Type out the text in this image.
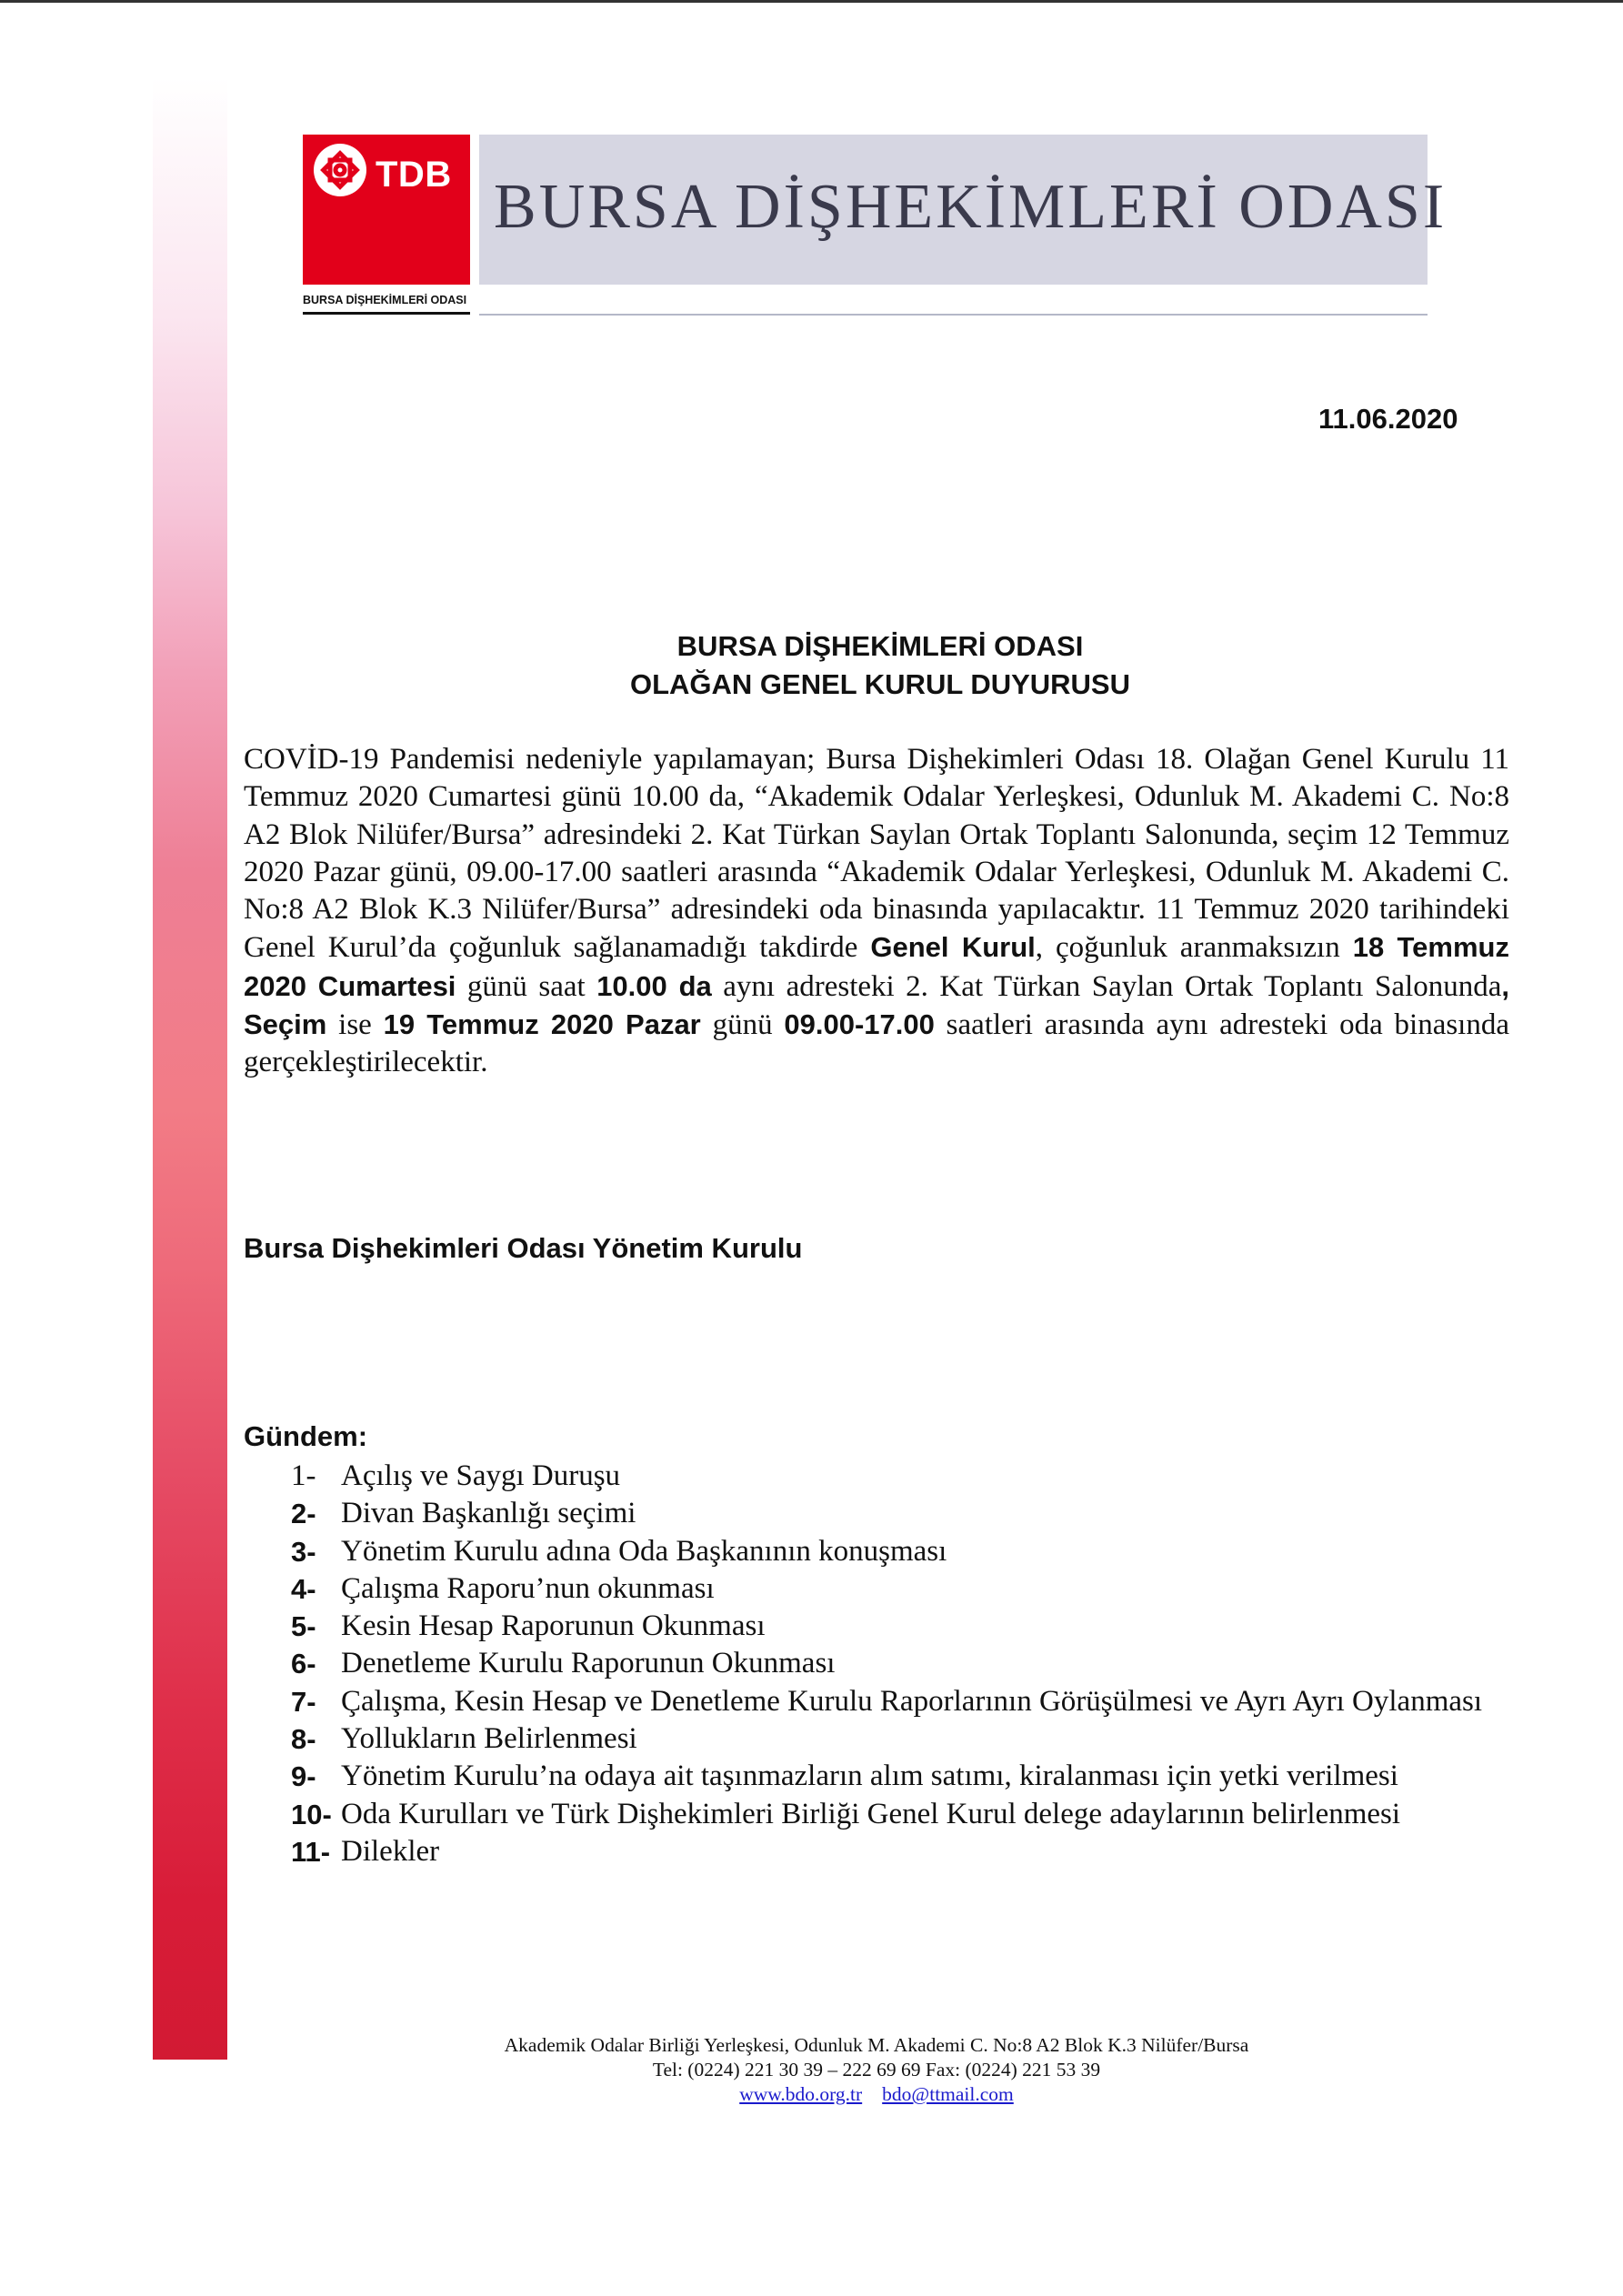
TDB
BURSA DİŞHEKİMLERİ ODASI
BURSA DİŞHEKİMLERİ ODASI
11.06.2020
BURSA DİŞHEKİMLERİ ODASI
OLAĞAN GENEL KURUL DUYURUSU
COVİD-19 Pandemisi nedeniyle yapılamayan; Bursa Dişhekimleri Odası 18. Olağan Genel Kurulu 11 Temmuz 2020 Cumartesi günü 10.00 da, “Akademik Odalar Yerleşkesi, Odunluk M. Akademi C. No:8 A2 Blok Nilüfer/Bursa” adresindeki 2. Kat Türkan Saylan Ortak Toplantı Salonunda, seçim 12 Temmuz 2020 Pazar günü, 09.00-17.00 saatleri arasında “Akademik Odalar Yerleşkesi, Odunluk M. Akademi C. No:8 A2 Blok K.3 Nilüfer/Bursa” adresindeki oda binasında yapılacaktır. 11 Temmuz 2020 tarihindeki Genel Kurul’da çoğunluk sağlanamadığı takdirde Genel Kurul, çoğunluk aranmaksızın 18 Temmuz 2020 Cumartesi günü saat 10.00 da aynı adresteki 2. Kat Türkan Saylan Ortak Toplantı Salonunda, Seçim ise 19 Temmuz 2020 Pazar günü 09.00-17.00 saatleri arasında aynı adresteki oda binasında gerçekleştirilecektir.
Bursa Dişhekimleri Odası Yönetim Kurulu
Gündem:
1- Açılış ve Saygı Duruşu
2- Divan Başkanlığı seçimi
3- Yönetim Kurulu adına Oda Başkanının konuşması
4- Çalışma Raporu’nun okunması
5- Kesin Hesap Raporunun Okunması
6- Denetleme Kurulu Raporunun Okunması
7- Çalışma, Kesin Hesap ve Denetleme Kurulu Raporlarının Görüşülmesi ve Ayrı Ayrı Oylanması
8- Yollukların Belirlenmesi
9- Yönetim Kurulu’na odaya ait taşınmazların alım satımı, kiralanması için yetki verilmesi
10- Oda Kurulları ve Türk Dişhekimleri Birliği Genel Kurul delege adaylarının belirlenmesi
11- Dilekler
Akademik Odalar Birliği Yerleşkesi, Odunluk M. Akademi C. No:8 A2 Blok K.3 Nilüfer/Bursa
Tel: (0224) 221 30 39 – 222 69 69 Fax: (0224) 221 53 39
www.bdo.org.tr bdo@ttmail.com
